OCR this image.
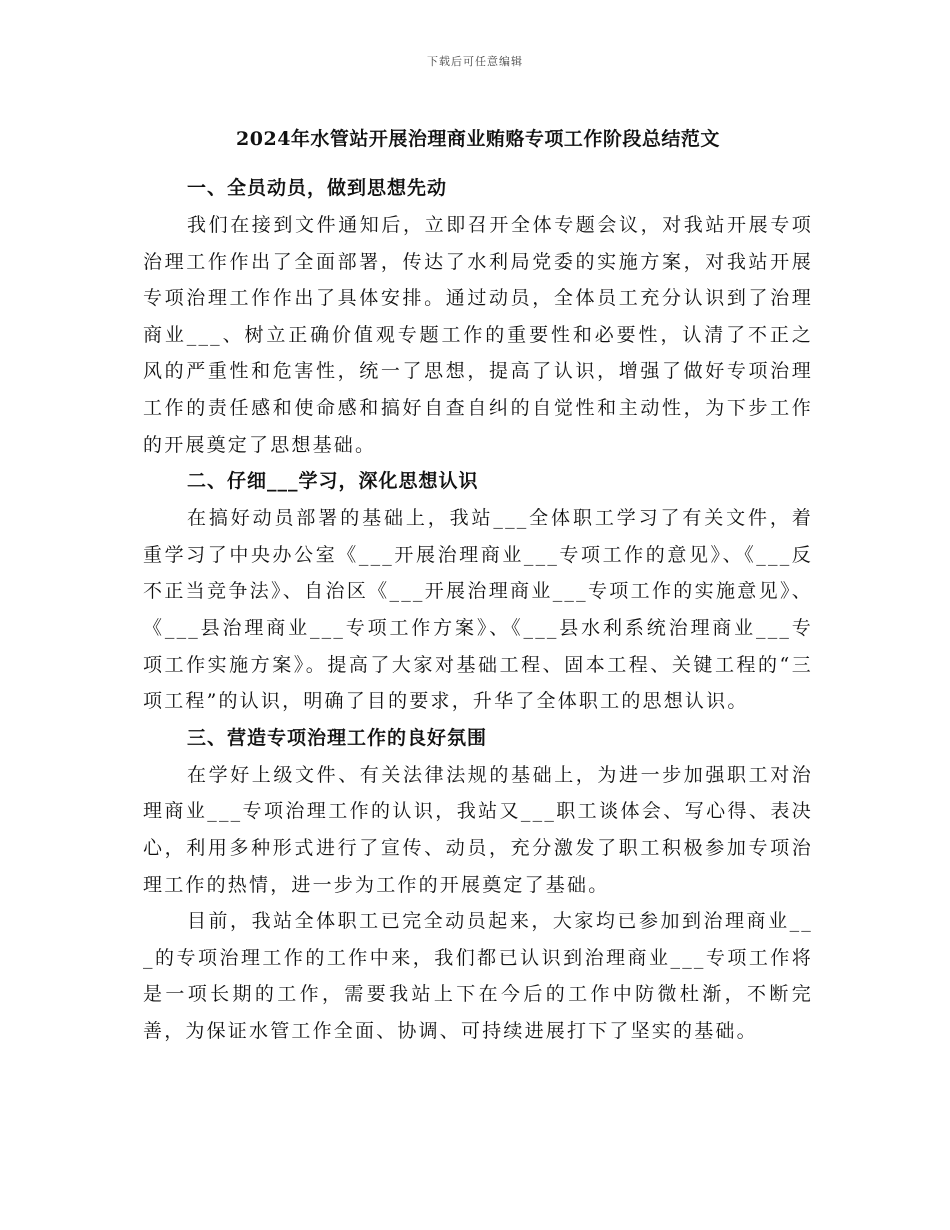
下载后可任意编辑
2024年水管站开展治理商业贿赂专项工作阶段总结范文
一、全员动员，做到思想先动

我们在接到文件通知后，立即召开全体专题会议，对我站开展专项治理工作作出了全面部署，传达了水利局党委的实施方案，对我站开展专项治理工作作出了具体安排。通过动员，全体员工充分认识到了治理商业___、树立正确价值观专题工作的重要性和必要性，认清了不正之风的严重性和危害性，统一了思想，提高了认识，增强了做好专项治理工作的责任感和使命感和搞好自查自纠的自觉性和主动性，为下步工作的开展奠定了思想基础。

二、仔细___学习，深化思想认识

在搞好动员部署的基础上，我站___全体职工学习了有关文件，着重学习了中央办公室《___开展治理商业___专项工作的意见》、《___反不正当竞争法》、自治区《___开展治理商业___专项工作的实施意见》、《___县治理商业___专项工作方案》、《___县水利系统治理商业___专项工作实施方案》。提高了大家对基础工程、固本工程、关键工程的“三项工程”的认识，明确了目的要求，升华了全体职工的思想认识。

三、营造专项治理工作的良好氛围

在学好上级文件、有关法律法规的基础上，为进一步加强职工对治理商业___专项治理工作的认识，我站又___职工谈体会、写心得、表决心，利用多种形式进行了宣传、动员，充分激发了职工积极参加专项治理工作的热情，进一步为工作的开展奠定了基础。

目前，我站全体职工已完全动员起来，大家均已参加到治理商业___的专项治理工作的工作中来，我们都已认识到治理商业___专项工作将是一项长期的工作，需要我站上下在今后的工作中防微杜渐，不断完善，为保证水管工作全面、协调、可持续进展打下了坚实的基础。
